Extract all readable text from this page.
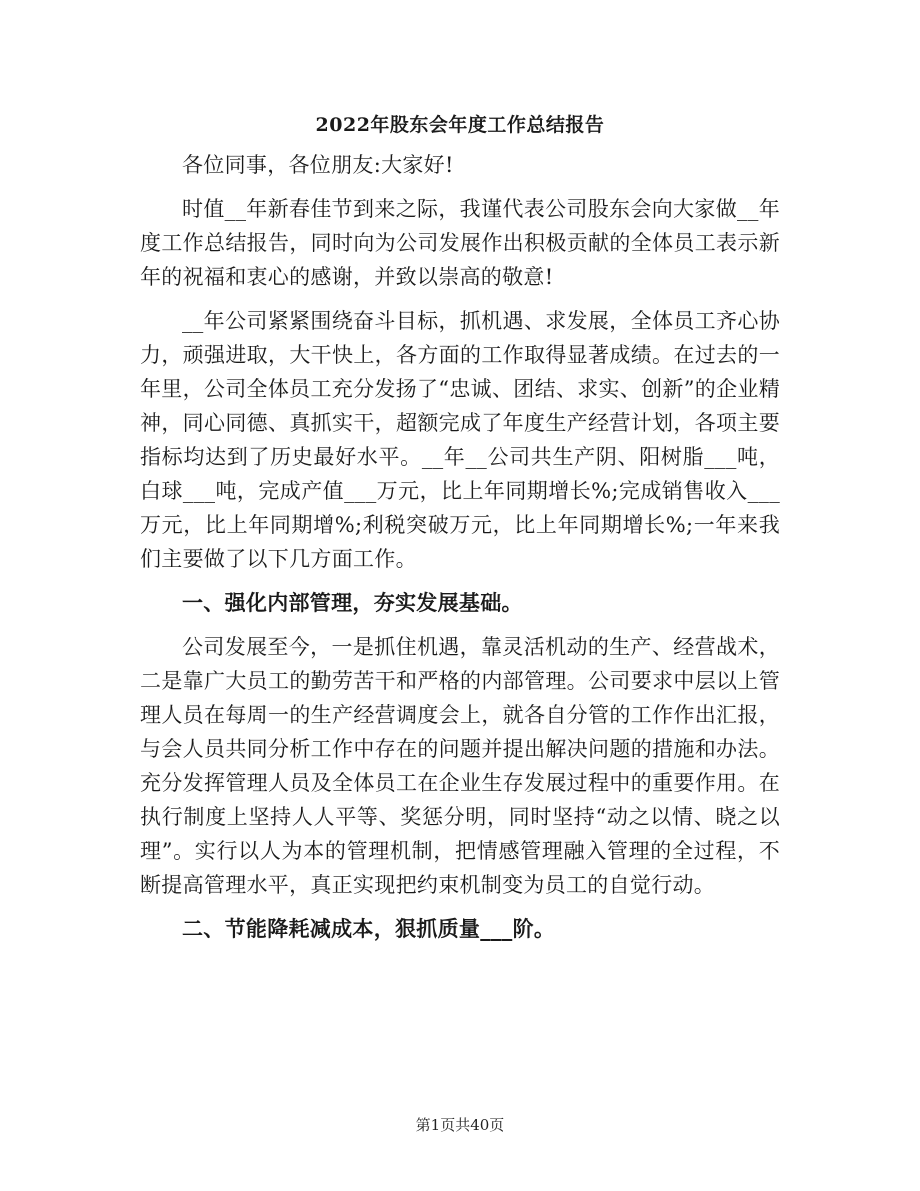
2022年股东会年度工作总结报告

各位同事，各位朋友:大家好!

时值__年新春佳节到来之际，我谨代表公司股东会向大家做__年度工作总结报告，同时向为公司发展作出积极贡献的全体员工表示新年的祝福和衷心的感谢，并致以崇高的敬意!

__年公司紧紧围绕奋斗目标，抓机遇、求发展，全体员工齐心协力，顽强进取，大干快上，各方面的工作取得显著成绩。在过去的一年里，公司全体员工充分发扬了“忠诚、团结、求实、创新”的企业精神，同心同德、真抓实干，超额完成了年度生产经营计划，各项主要指标均达到了历史最好水平。__年__公司共生产阴、阳树脂___吨，白球___吨，完成产值___万元，比上年同期增长%;完成销售收入___万元，比上年同期增%;利税突破万元，比上年同期增长%;一年来我们主要做了以下几方面工作。

一、强化内部管理，夯实发展基础。

公司发展至今，一是抓住机遇，靠灵活机动的生产、经营战术，二是靠广大员工的勤劳苦干和严格的内部管理。公司要求中层以上管理人员在每周一的生产经营调度会上，就各自分管的工作作出汇报，与会人员共同分析工作中存在的问题并提出解决问题的措施和办法。充分发挥管理人员及全体员工在企业生存发展过程中的重要作用。在执行制度上坚持人人平等、奖惩分明，同时坚持“动之以情、晓之以理”。实行以人为本的管理机制，把情感管理融入管理的全过程，不断提高管理水平，真正实现把约束机制变为员工的自觉行动。

二、节能降耗减成本，狠抓质量___阶。

第1页共40页
